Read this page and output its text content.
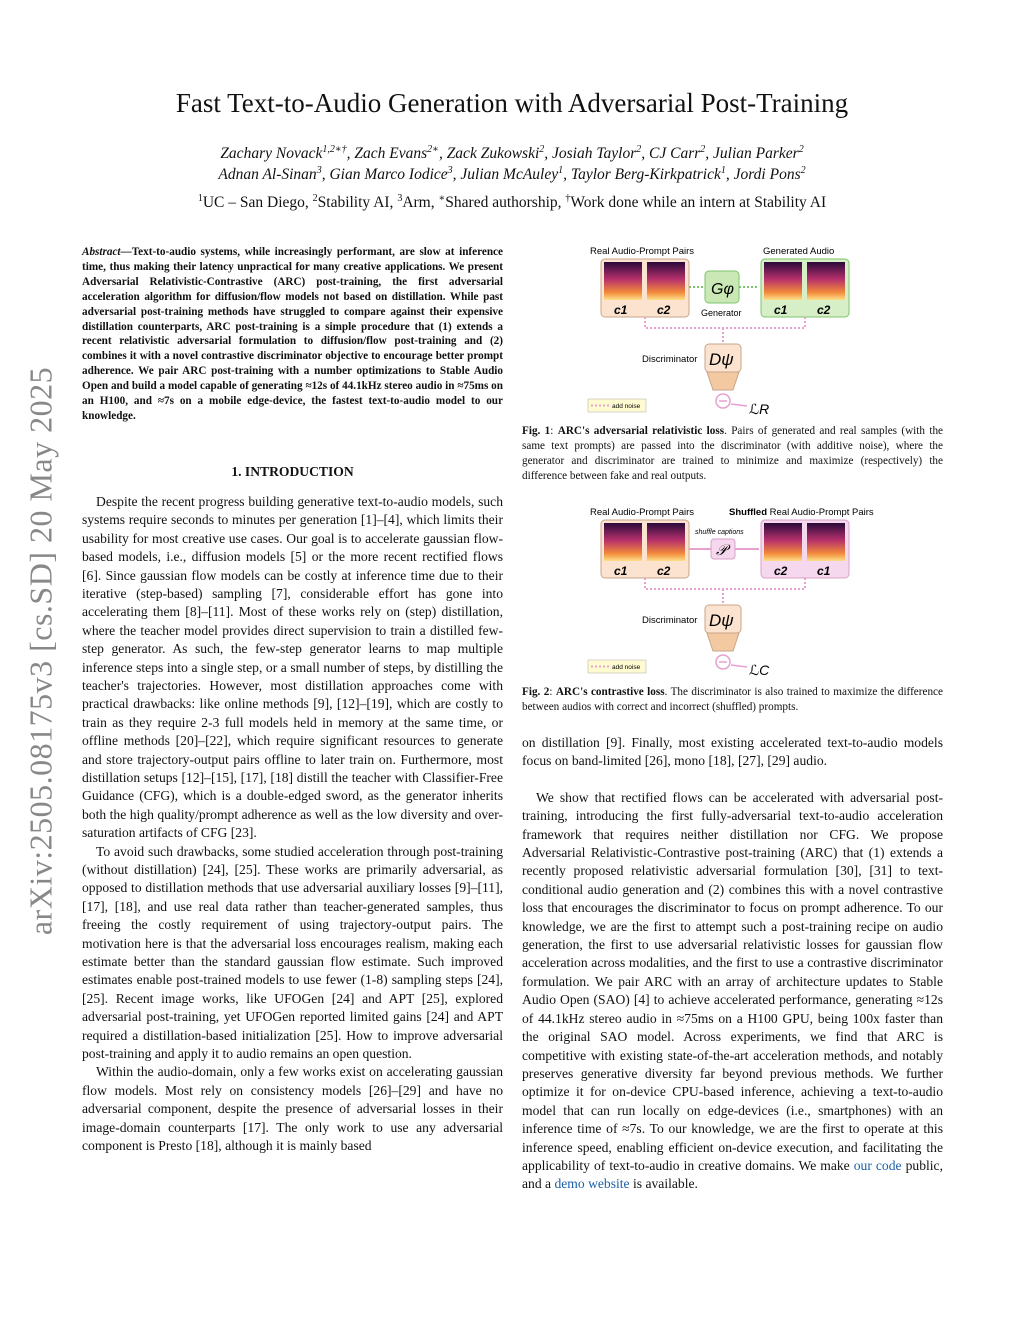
arXiv:2505.08175v3 [cs.SD] 20 May 2025
Fast Text-to-Audio Generation with Adversarial Post-Training
Zachary Novack$^{1,2∗\dagger}$, Zach Evans$^{2∗}$, Zack Zukowski$^2$, Josiah Taylor$^2$, CJ Carr$^2$, Julian Parker$^2$
Adnan Al-Sinan$^3$, Gian Marco Iodice$^3$, Julian McAuley$^1$, Taylor Berg-Kirkpatrick$^1$, Jordi Pons$^2$
$^1$UC – San Diego, $^2$Stability AI, $^3$Arm, ∗Shared authorship, †Work done while an intern at Stability AI

Abstract—Text-to-audio systems, while increasingly performant, are slow at inference time, thus making their latency unpractical for many creative applications. We present Adversarial Relativistic-Contrastive (ARC) post-training, the first adversarial acceleration algorithm for diffusion/flow models not based on distillation. While past adversarial post-training methods have struggled to compare against their expensive distillation counterparts, ARC post-training is a simple procedure that (1) extends a recent relativistic adversarial formulation to diffusion/flow post-training and (2) combines it with a novel contrastive discriminator objective to encourage better prompt adherence. We pair ARC post-training with a number optimizations to Stable Audio Open and build a model capable of generating ≈12s of 44.1kHz stereo audio in ≈75ms on an H100, and ≈7s on a mobile edge-device, the fastest text-to-audio model to our knowledge.

1. INTRODUCTION

Despite the recent progress building generative text-to-audio models, such systems require seconds to minutes per generation [1]–[4], which limits their usability for most creative use cases. Our goal is to accelerate gaussian flow-based models, i.e., diffusion models [5] or the more recent rectified flows [6]. Since gaussian flow models can be costly at inference time due to their iterative (step-based) sampling [7], considerable effort has gone into accelerating them [8]–[11]. Most of these works rely on (step) distillation, where the teacher model provides direct supervision to train a distilled few-step generator. As such, the few-step generator learns to map multiple inference steps into a single step, or a small number of steps, by distilling the teacher's trajectories. However, most distillation approaches come with practical drawbacks: like online methods [9], [12]–[19], which are costly to train as they require 2-3 full models held in memory at the same time, or offline methods [20]–[22], which require significant resources to generate and store trajectory-output pairs offline to later train on. Furthermore, most distillation setups [12]–[15], [17], [18] distill the teacher with Classifier-Free Guidance (CFG), which is a double-edged sword, as the generator inherits both the high quality/prompt adherence as well as the low diversity and over-saturation artifacts of CFG [23].

To avoid such drawbacks, some studied acceleration through post-training (without distillation) [24], [25]. These works are primarily adversarial, as opposed to distillation methods that use adversarial auxiliary losses [9]–[11], [17], [18], and use real data rather than teacher-generated samples, thus freeing the costly requirement of using trajectory-output pairs. The motivation here is that the adversarial loss encourages realism, making each estimate better than the standard gaussian flow estimate. Such improved estimates enable post-trained models to use fewer (1-8) sampling steps [24], [25]. Recent image works, like UFOGen [24] and APT [25], explored adversarial post-training, yet UFOGen reported limited gains [24] and APT required a distillation-based initialization [25]. How to improve adversarial post-training and apply it to audio remains an open question.

Within the audio-domain, only a few works exist on accelerating gaussian flow models. Most rely on consistency models [26]–[29] and have no adversarial component, despite the presence of adversarial losses in their image-domain counterparts [17]. The only work to use any adversarial component is Presto [18], although it is mainly based

Real Audio-Prompt Pairs	Generated Audio
c1 c2
Gφ
Generator	c1 c2
Discriminator Dψ
ℒR
add noise
Fig. 1: ARC's adversarial relativistic loss. Pairs of generated and real samples (with the same text prompts) are passed into the discriminator (with additive noise), where the generator and discriminator are trained to minimize and maximize (respectively) the difference between fake and real outputs.
Real Audio-Prompt Pairs	Shuffled Real Audio-Prompt Pairs
c1 c2
shuffle captions
𝒫
c2 c1
Discriminator Dψ
ℒC
add noise
Fig. 2: ARC's contrastive loss. The discriminator is also trained to maximize the difference between audios with correct and incorrect (shuffled) prompts.

on distillation [9]. Finally, most existing accelerated text-to-audio models focus on band-limited [26], mono [18], [27], [29] audio.

We show that rectified flows can be accelerated with adversarial post-training, introducing the first fully-adversarial text-to-audio acceleration framework that requires neither distillation nor CFG. We propose Adversarial Relativistic-Contrastive post-training (ARC) that (1) extends a recently proposed relativistic adversarial formulation [30], [31] to text-conditional audio generation and (2) combines this with a novel contrastive loss that encourages the discriminator to focus on prompt adherence. To our knowledge, we are the first to attempt such a post-training recipe on audio generation, the first to use adversarial relativistic losses for gaussian flow acceleration across modalities, and the first to use a contrastive discriminator formulation. We pair ARC with an array of architecture updates to Stable Audio Open (SAO) [4] to achieve accelerated performance, generating ≈12s of 44.1kHz stereo audio in ≈75ms on a H100 GPU, being 100x faster than the original SAO model. Across experiments, we find that ARC is competitive with existing state-of-the-art acceleration methods, and notably preserves generative diversity far beyond previous methods. We further optimize it for on-device CPU-based inference, achieving a text-to-audio model that can run locally on edge-devices (i.e., smartphones) with an inference time of ≈7s. To our knowledge, we are the first to operate at this inference speed, enabling efficient on-device execution, and facilitating the applicability of text-to-audio in creative domains. We make our code public, and a demo website is available.
